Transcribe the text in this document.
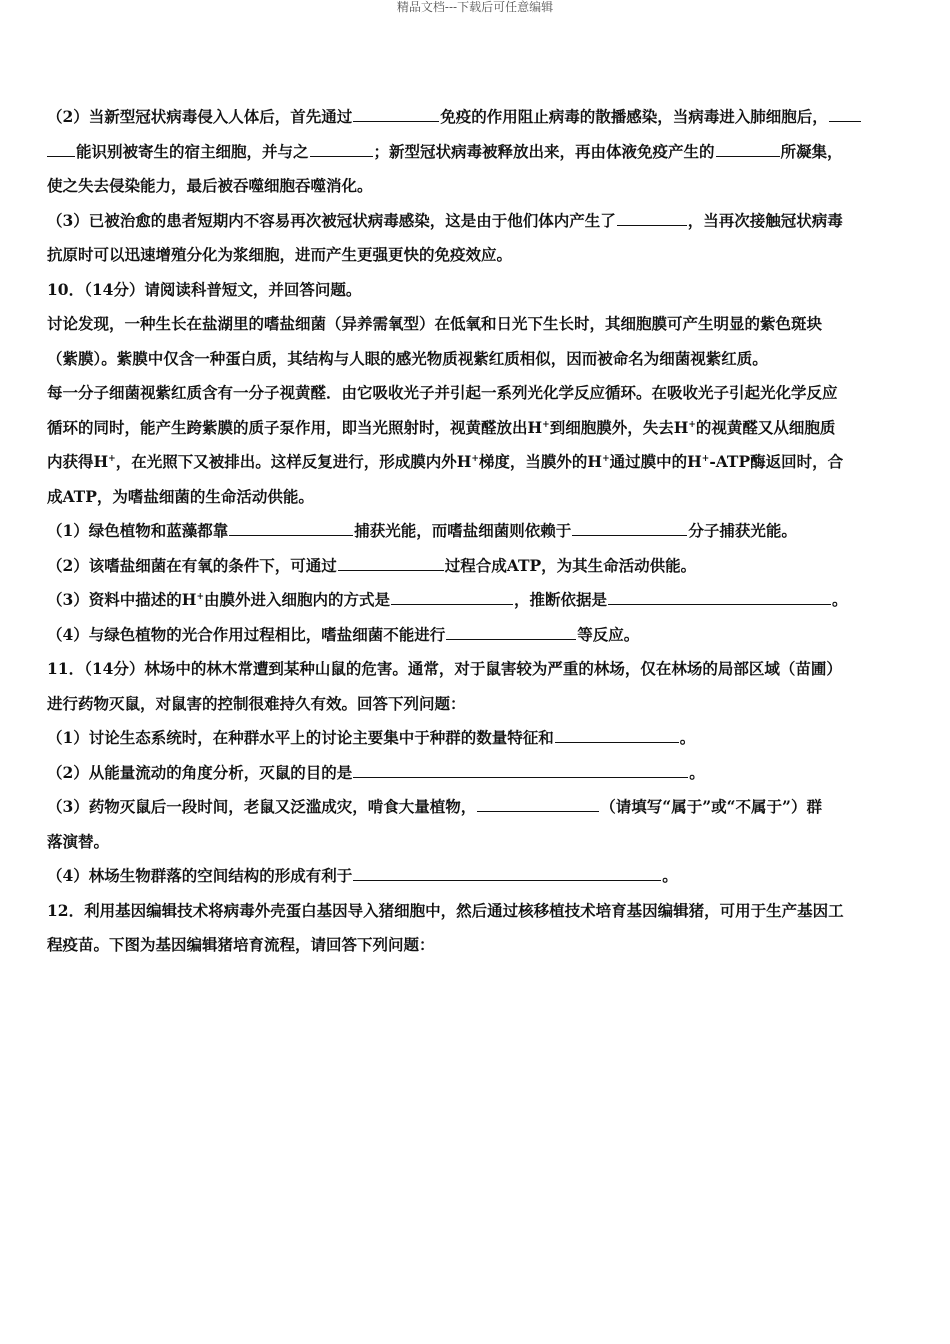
精品文档---下载后可任意编辑
（2）当新型冠状病毒侵入人体后，首先通过	免疫的作用阻止病毒的散播感染，当病毒进入肺细胞后，
能识别被寄生的宿主细胞，并与之	；新型冠状病毒被释放出来，再由体液免疫产生的	所凝集，
使之失去侵染能力，最后被吞噬细胞吞噬消化。
（3）已被治愈的患者短期内不容易再次被冠状病毒感染，这是由于他们体内产生了	，当再次接触冠状病毒
抗原时可以迅速增殖分化为浆细胞，进而产生更强更快的免疫效应。
10．（14分）请阅读科普短文，并回答问题。
讨论发现，一种生长在盐湖里的嗜盐细菌（异养需氧型）在低氧和日光下生长时，其细胞膜可产生明显的紫色斑块
（紫膜）。紫膜中仅含一种蛋白质，其结构与人眼的感光物质视紫红质相似，因而被命名为细菌视紫红质。
每一分子细菌视紫红质含有一分子视黄醛．由它吸收光子并引起一系列光化学反应循环。在吸收光子引起光化学反应
循环的同时，能产生跨紫膜的质子泵作用，即当光照射时，视黄醛放出H+到细胞膜外，失去H+的视黄醛又从细胞质
内获得H+，在光照下又被排出。这样反复进行，形成膜内外H+梯度，当膜外的H+通过膜中的H+-ATP酶返回时，合
成ATP，为嗜盐细菌的生命活动供能。
（1）绿色植物和蓝藻都靠	捕获光能，而嗜盐细菌则依赖于	分子捕获光能。
（2）该嗜盐细菌在有氧的条件下，可通过	过程合成ATP，为其生命活动供能。
（3）资料中描述的H+由膜外进入细胞内的方式是	，推断依据是	。
（4）与绿色植物的光合作用过程相比，嗜盐细菌不能进行	等反应。
11．（14分）林场中的林木常遭到某种山鼠的危害。通常，对于鼠害较为严重的林场，仅在林场的局部区域（苗圃）
进行药物灭鼠，对鼠害的控制很难持久有效。回答下列问题：
（1）讨论生态系统时，在种群水平上的讨论主要集中于种群的数量特征和	。
（2）从能量流动的角度分析，灭鼠的目的是	。
（3）药物灭鼠后一段时间，老鼠又泛滥成灾，啃食大量植物，	（请填写“属于”或“不属于”）群
落演替。
（4）林场生物群落的空间结构的形成有利于	。
12．利用基因编辑技术将病毒外壳蛋白基因导入猪细胞中，然后通过核移植技术培育基因编辑猪，可用于生产基因工
程疫苗。下图为基因编辑猪培育流程，请回答下列问题：
